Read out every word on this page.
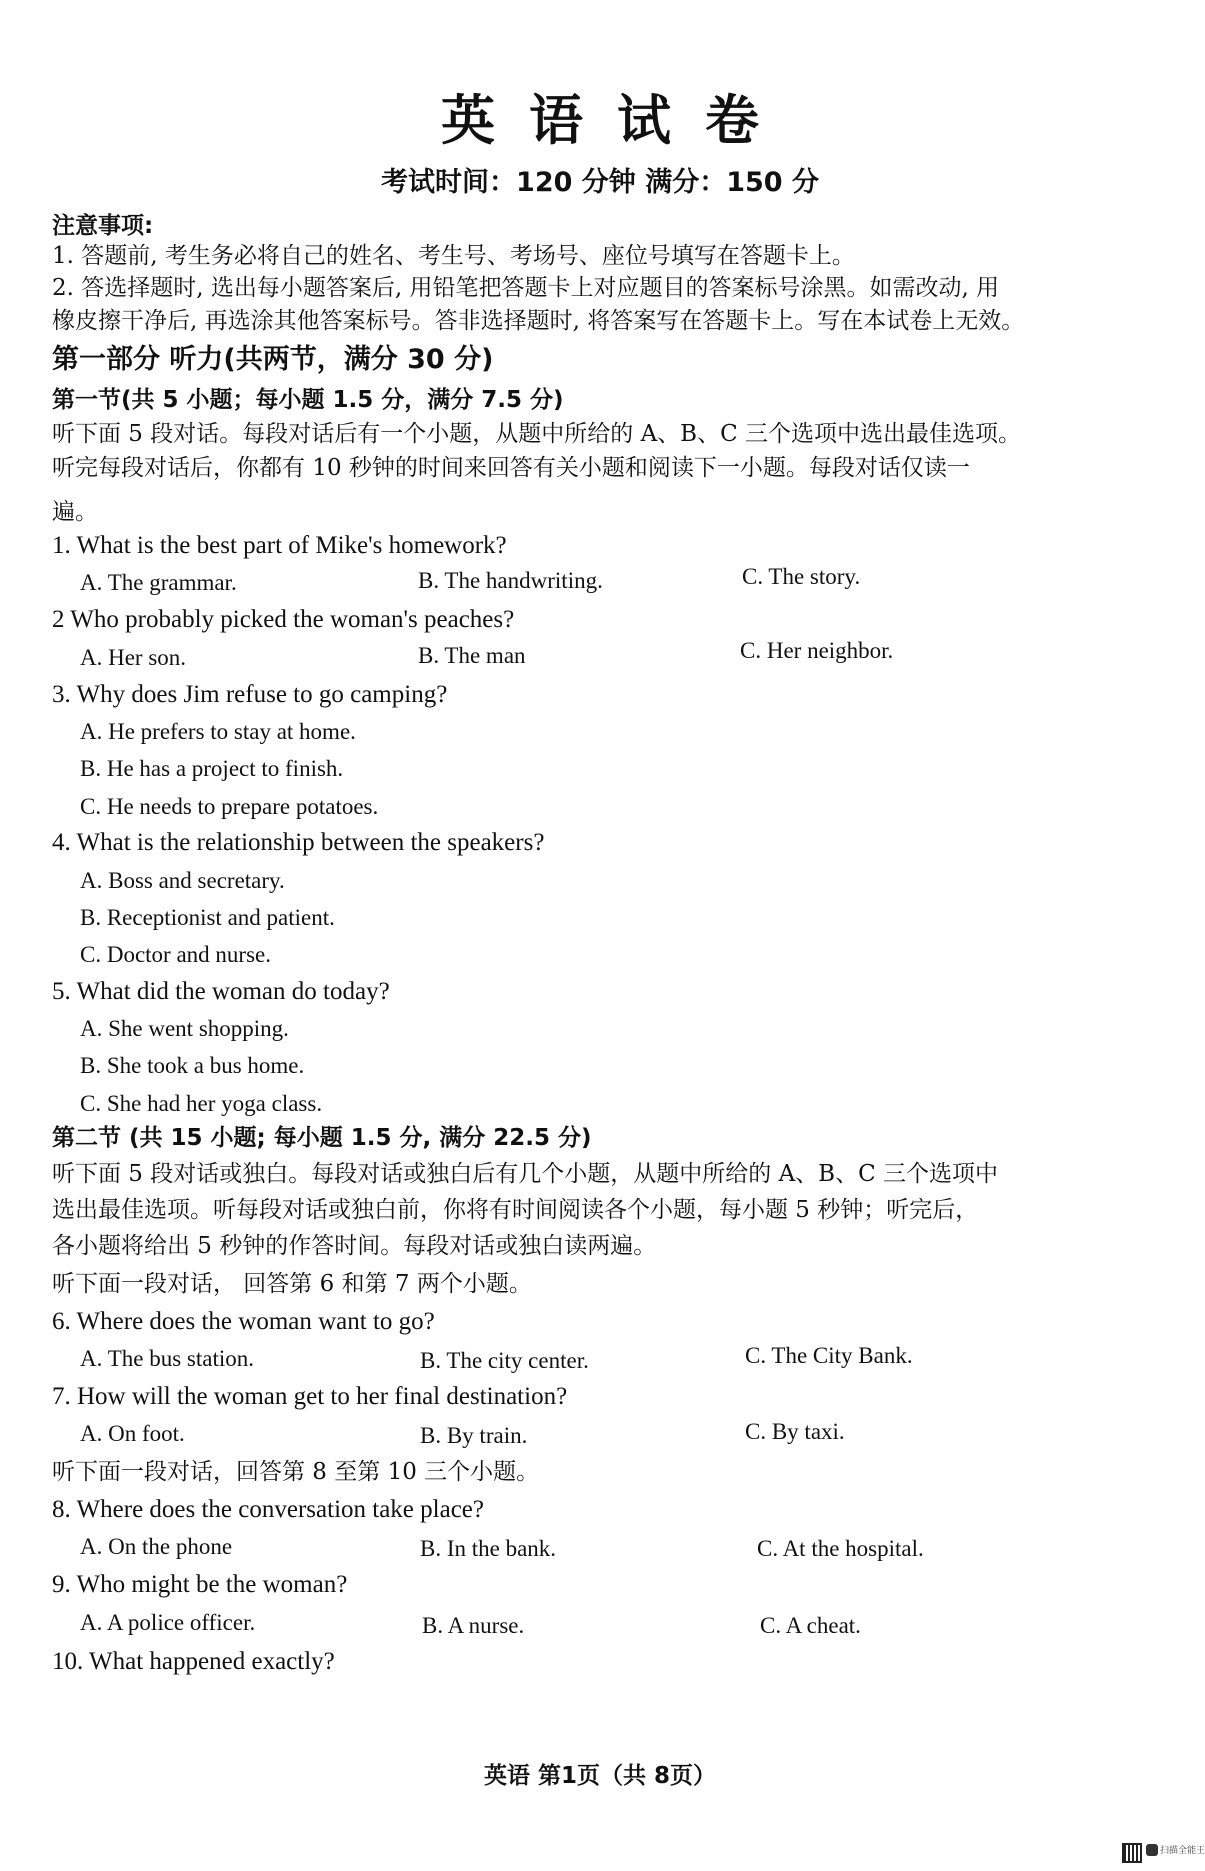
英语试卷
考试时间：120 分钟 满分：150 分
注意事项:
1. 答题前, 考生务必将自己的姓名、考生号、考场号、座位号填写在答题卡上。
2. 答选择题时, 选出每小题答案后, 用铅笔把答题卡上对应题目的答案标号涂黑。如需改动, 用
橡皮擦干净后, 再选涂其他答案标号。答非选择题时, 将答案写在答题卡上。写在本试卷上无效。
第一部分 听力(共两节，满分 30 分)
第一节(共 5 小题；每小题 1.5 分，满分 7.5 分)
听下面 5 段对话。每段对话后有一个小题，从题中所给的 A、B、C 三个选项中选出最佳选项。
听完每段对话后，你都有 10 秒钟的时间来回答有关小题和阅读下一小题。每段对话仅读一
遍。
1. What is the best part of Mike's homework?
A. The grammar.	B. The handwriting.	C. The story.
2 Who probably picked the woman's peaches?
A. Her son.	B. The man	C. Her neighbor.
3. Why does Jim refuse to go camping?
A. He prefers to stay at home.
B. He has a project to finish.
C. He needs to prepare potatoes.
4. What is the relationship between the speakers?
A. Boss and secretary.
B. Receptionist and patient.
C. Doctor and nurse.
5. What did the woman do today?
A. She went shopping.
B. She took a bus home.
C. She had her yoga class.
第二节 (共 15 小题; 每小题 1.5 分, 满分 22.5 分)
听下面 5 段对话或独白。每段对话或独白后有几个小题，从题中所给的 A、B、C 三个选项中
选出最佳选项。听每段对话或独白前，你将有时间阅读各个小题，每小题 5 秒钟；听完后，
各小题将给出 5 秒钟的作答时间。每段对话或独白读两遍。
听下面一段对话， 回答第 6 和第 7 两个小题。
6. Where does the woman want to go?
A. The bus station.	B. The city center.	C. The City Bank.
7. How will the woman get to her final destination?
A. On foot.	B. By train.	C. By taxi.
听下面一段对话，回答第 8 至第 10 三个小题。
8. Where does the conversation take place?
A. On the phone	B. In the bank.	C. At the hospital.
9. Who might be the woman?
A. A police officer.	B. A nurse.	C. A cheat.
10. What happened exactly?
英语 第1页（共 8页）
扫描全能王
